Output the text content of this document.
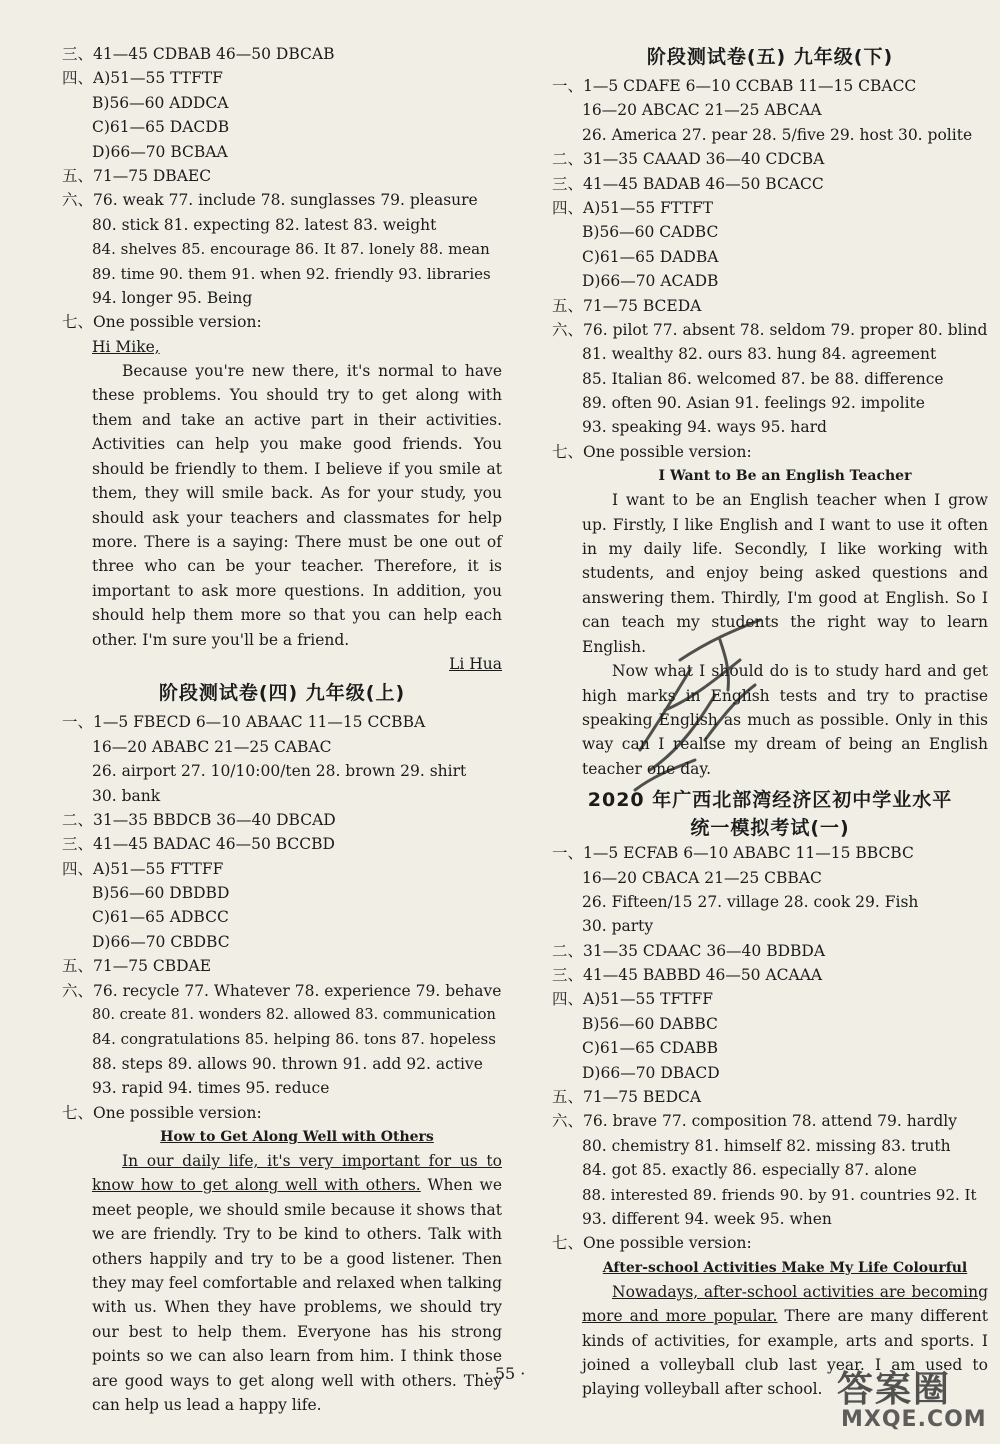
三、41—45 CDBAB 46—50 DBCAB
四、A)51—55 TTFTF
B)56—60 ADDCA
C)61—65 DACDB
D)66—70 BCBAA
五、71—75 DBAEC
六、76. weak 77. include 78. sunglasses 79. pleasure
80. stick 81. expecting 82. latest 83. weight
84. shelves 85. encourage 86. It 87. lonely 88. mean
89. time 90. them 91. when 92. friendly 93. libraries
94. longer 95. Being
七、One possible version:
Hi Mike,
Because you're new there, it's normal to have these problems. You should try to get along with them and take an active part in their activities. Activities can help you make good friends. You should be friendly to them. I believe if you smile at them, they will smile back. As for your study, you should ask your teachers and classmates for help more. There is a saying: There must be one out of three who can be your teacher. Therefore, it is important to ask more questions. In addition, you should help them more so that you can help each other. I'm sure you'll be a friend.
Li Hua
阶段测试卷(四) 九年级(上)
一、1—5 FBECD 6—10 ABAAC 11—15 CCBBA
16—20 ABABC 21—25 CABAC
26. airport 27. 10/10:00/ten 28. brown 29. shirt
30. bank
二、31—35 BBDCB 36—40 DBCAD
三、41—45 BADAC 46—50 BCCBD
四、A)51—55 FTTFF
B)56—60 DBDBD
C)61—65 ADBCC
D)66—70 CBDBC
五、71—75 CBDAE
六、76. recycle 77. Whatever 78. experience 79. behave
80. create 81. wonders 82. allowed 83. communication
84. congratulations 85. helping 86. tons 87. hopeless
88. steps 89. allows 90. thrown 91. add 92. active
93. rapid 94. times 95. reduce
七、One possible version:
How to Get Along Well with Others
In our daily life, it's very important for us to know how to get along well with others. When we meet people, we should smile because it shows that we are friendly. Try to be kind to others. Talk with others happily and try to be a good listener. Then they may feel comfortable and relaxed when talking with us. When they have problems, we should try our best to help them. Everyone has his strong points so we can also learn from him. I think those are good ways to get along well with others. They can help us lead a happy life.
阶段测试卷(五) 九年级(下)
一、1—5 CDAFE 6—10 CCBAB 11—15 CBACC
16—20 ABCAC 21—25 ABCAA
26. America 27. pear 28. 5/five 29. host 30. polite
二、31—35 CAAAD 36—40 CDCBA
三、41—45 BADAB 46—50 BCACC
四、A)51—55 FTTFT
B)56—60 CADBC
C)61—65 DADBA
D)66—70 ACADB
五、71—75 BCEDA
六、76. pilot 77. absent 78. seldom 79. proper 80. blind
81. wealthy 82. ours 83. hung 84. agreement
85. Italian 86. welcomed 87. be 88. difference
89. often 90. Asian 91. feelings 92. impolite
93. speaking 94. ways 95. hard
七、One possible version:
I Want to Be an English Teacher
I want to be an English teacher when I grow up. Firstly, I like English and I want to use it often in my daily life. Secondly, I like working with students, and enjoy being asked questions and answering them. Thirdly, I'm good at English. So I can teach my students the right way to learn English.
Now what I should do is to study hard and get high marks in English tests and try to practise speaking English as much as possible. Only in this way can I realise my dream of being an English teacher one day.
2020 年广西北部湾经济区初中学业水平
统一模拟考试(一)
一、1—5 ECFAB 6—10 ABABC 11—15 BBCBC
16—20 CBACA 21—25 CBBAC
26. Fifteen/15 27. village 28. cook 29. Fish
30. party
二、31—35 CDAAC 36—40 BDBDA
三、41—45 BABBD 46—50 ACAAA
四、A)51—55 TFTFF
B)56—60 DABBC
C)61—65 CDABB
D)66—70 DBACD
五、71—75 BEDCA
六、76. brave 77. composition 78. attend 79. hardly
80. chemistry 81. himself 82. missing 83. truth
84. got 85. exactly 86. especially 87. alone
88. interested 89. friends 90. by 91. countries 92. It
93. different 94. week 95. when
七、One possible version:
After-school Activities Make My Life Colourful
Nowadays, after-school activities are becoming more and more popular. There are many different kinds of activities, for example, arts and sports. I joined a volleyball club last year. I am used to playing volleyball after school.
· 55 ·	答案圈
MXQE.COM
